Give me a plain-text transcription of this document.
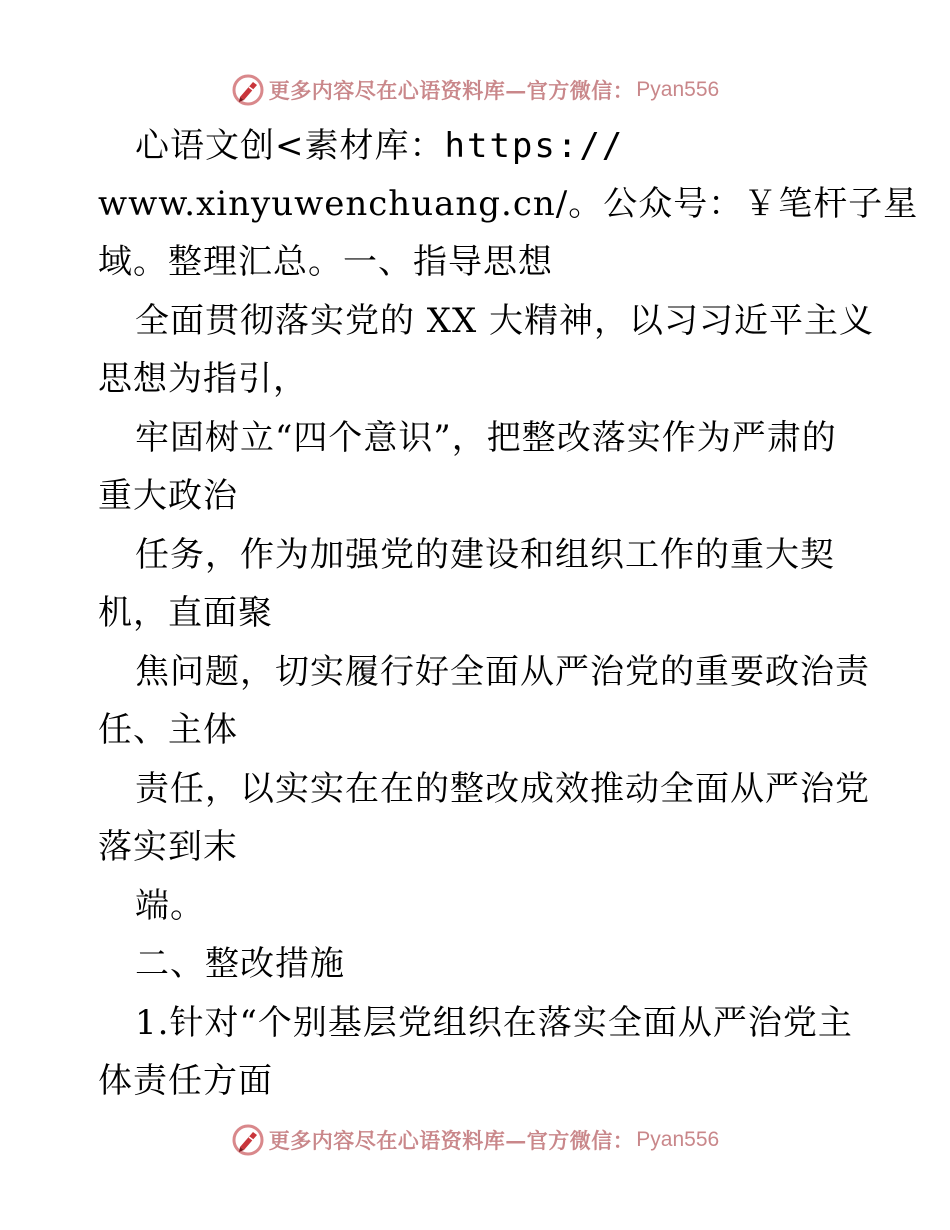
更多内容尽在心语资料库—官方微信： Pyan556
心语文创<素材库：https://
www.xinyuwenchuang.cn/。公众号：￥笔杆子星
域。整理汇总。一、指导思想
全面贯彻落实党的 XX 大精神，以习习近平主义
思想为指引，
牢固树立“四个意识”，把整改落实作为严肃的
重大政治
任务，作为加强党的建设和组织工作的重大契
机，直面聚
焦问题，切实履行好全面从严治党的重要政治责
任、主体
责任，以实实在在的整改成效推动全面从严治党
落实到末
端。
二、整改措施
1.针对“个别基层党组织在落实全面从严治党主
体责任方面
更多内容尽在心语资料库—官方微信： Pyan556
